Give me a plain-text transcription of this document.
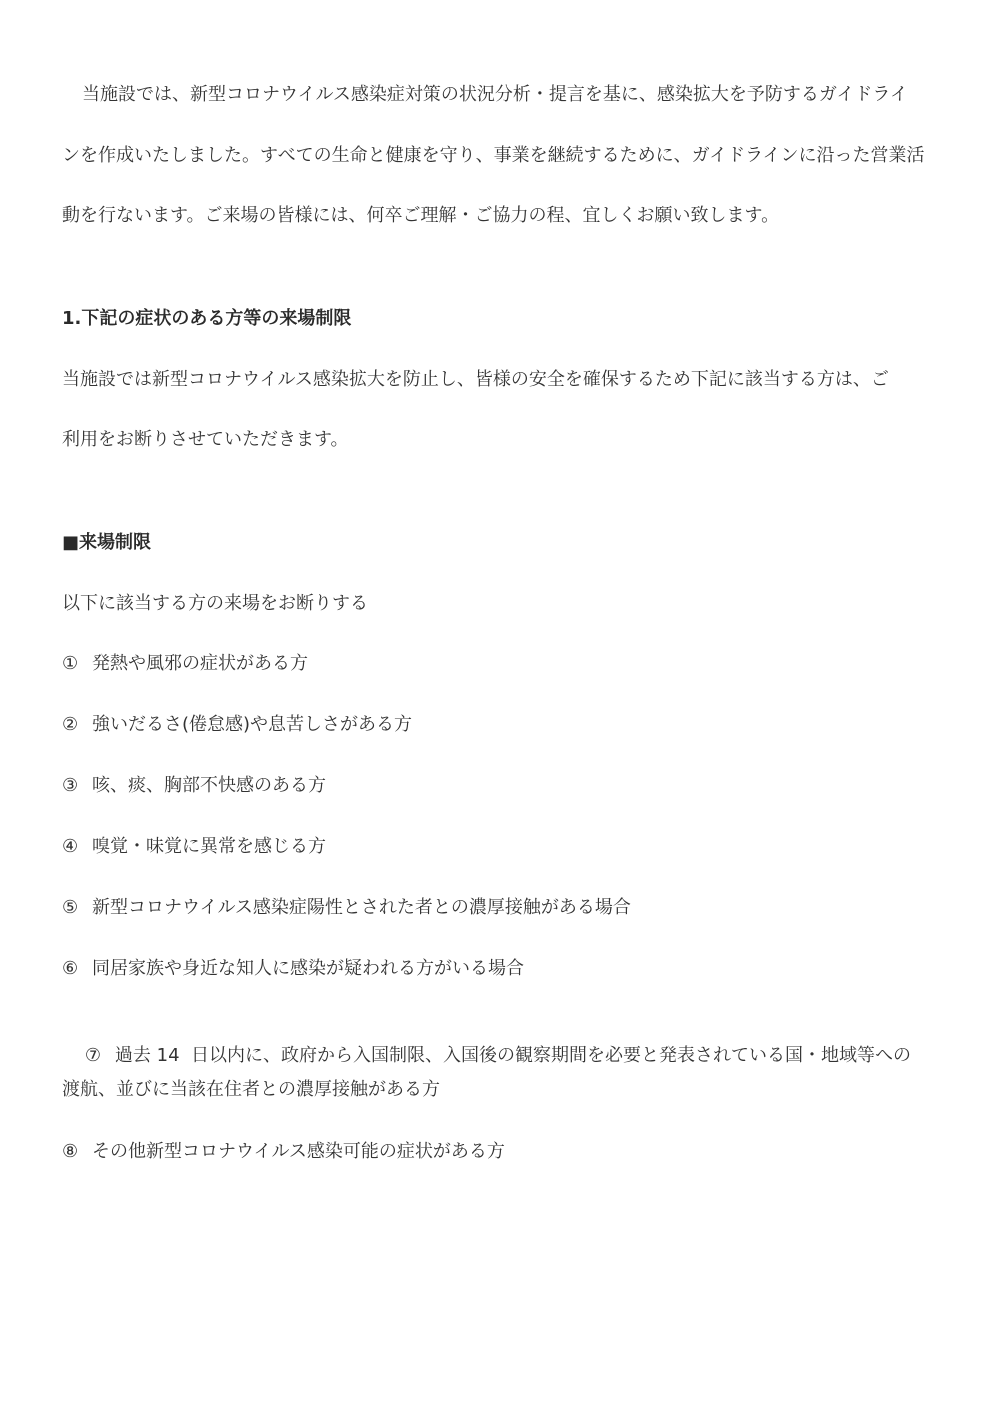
当施設では、新型コロナウイルス感染症対策の状況分析・提言を基に、感染拡大を予防するガイドライ
ンを作成いたしました。すべての生命と健康を守り、事業を継続するために、ガイドラインに沿った営業活
動を行ないます。ご来場の皆様には、何卒ご理解・ご協力の程、宜しくお願い致します。
1.下記の症状のある方等の来場制限
当施設では新型コロナウイルス感染拡大を防止し、皆様の安全を確保するため下記に該当する方は、ご
利用をお断りさせていただきます。
■来場制限
以下に該当する方の来場をお断りする
① 発熱や風邪の症状がある方
② 強いだるさ(倦怠感)や息苦しさがある方
③ 咳、痰、胸部不快感のある方
④ 嗅覚・味覚に異常を感じる方
⑤ 新型コロナウイルス感染症陽性とされた者との濃厚接触がある場合
⑥ 同居家族や身近な知人に感染が疑われる方がいる場合

⑦ 過去 14  日以内に、政府から入国制限、入国後の観察期間を必要と発表されている国・地域等への

渡航、並びに当該在住者との濃厚接触がある方
⑧ その他新型コロナウイルス感染可能の症状がある方
